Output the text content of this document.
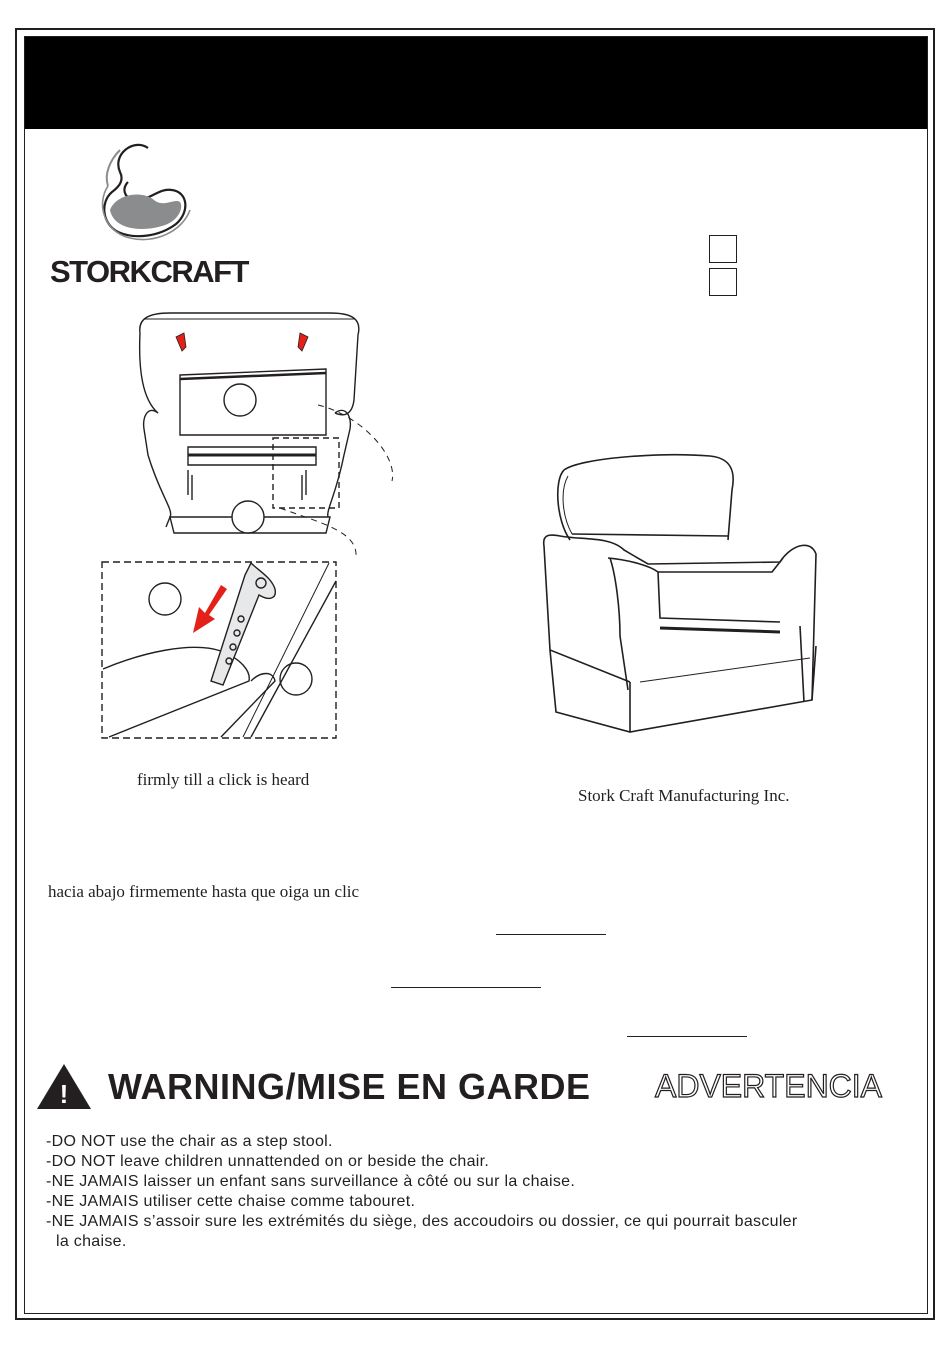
STORKCRAFT
firmly till a click is heard
Stork Craft Manufacturing Inc.
hacia abajo firmemente hasta que oiga un clic
! WARNING/MISE EN GARDE ADVERTENCIA
-DO NOT use the chair as a step stool.
-DO NOT leave children unnattended on or beside the chair.
-NE JAMAIS laisser un enfant sans surveillance à côté ou sur la chaise.
-NE JAMAIS utiliser cette chaise comme tabouret.
-NE JAMAIS s’assoir sure les extrémités du siège, des accoudoirs ou dossier, ce qui pourrait basculer
la chaise.
